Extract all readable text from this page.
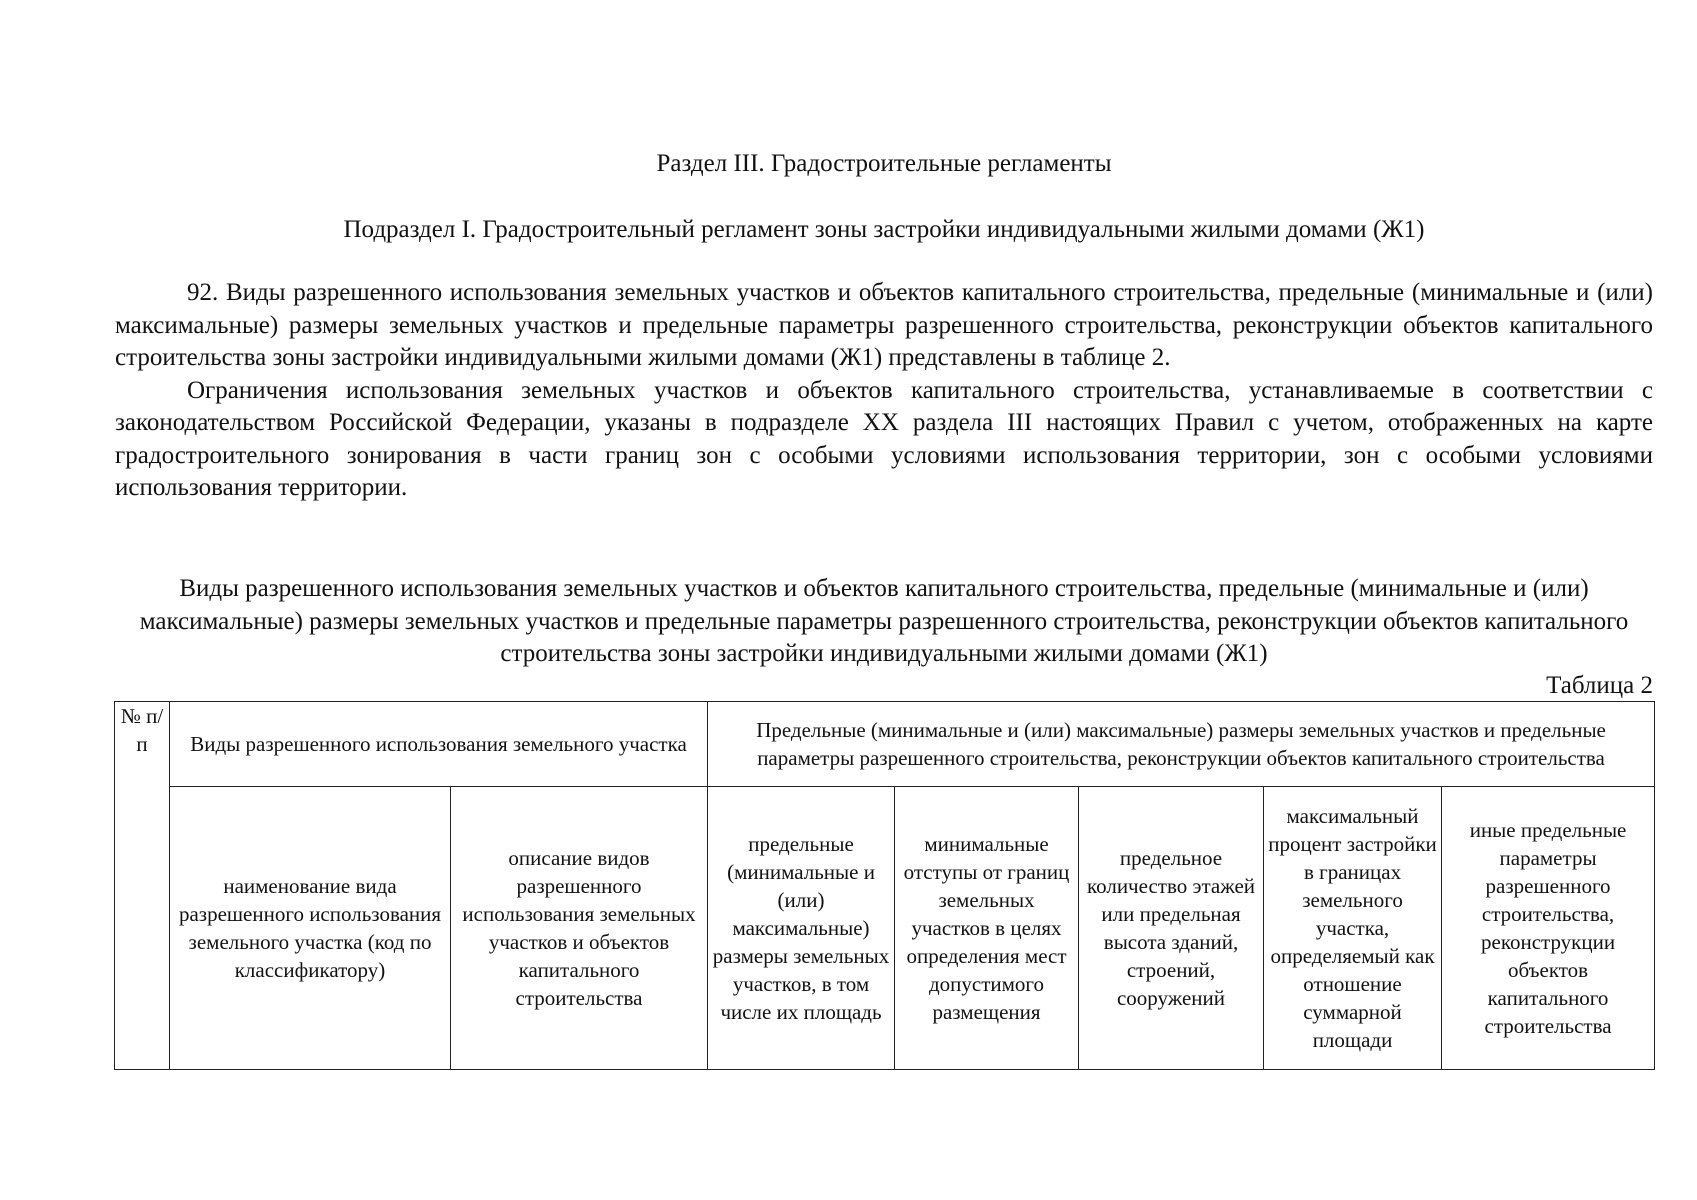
Раздел III. Градостроительные регламенты
Подраздел I. Градостроительный регламент зоны застройки индивидуальными жилыми домами (Ж1)

92. Виды разрешенного использования земельных участков и объектов капитального строительства, предельные (минимальные и (или) максимальные) размеры земельных участков и предельные параметры разрешенного строительства, реконструкции объектов капитального строительства зоны застройки индивидуальными жилыми домами (Ж1) представлены в таблице 2.

Ограничения использования земельных участков и объектов капитального строительства, устанавливаемые в соответствии с законодательством Российской Федерации, указаны в подразделе XX раздела III настоящих Правил с учетом, отображенных на карте градостроительного зонирования в части границ зон с особыми условиями использования территории, зон с особыми условиями использования территории.

Виды разрешенного использования земельных участков и объектов капитального строительства, предельные (минимальные и (или) максимальные) размеры земельных участков и предельные параметры разрешенного строительства, реконструкции объектов капитального строительства зоны застройки индивидуальными жилыми домами (Ж1)
Таблица 2
№ п/п	Виды разрешенного использования земельного участка		Предельные (минимальные и (или) максимальные) размеры земельных участков и предельные параметры разрешенного строительства, реконструкции объектов капитального строительства				
	наименование вида разрешенного использования земельного участка (код по классификатору)	описание видов разрешенного использования земельных участков и объектов капитального строительства	предельные (минимальные и (или) максимальные) размеры земельных участков, в том числе их площадь	минимальные отступы от границ земельных участков в целях определения мест допустимого размещения	предельное количество этажей или предельная высота зданий, строений, сооружений	максимальный процент застройки в границах земельного участка, определяемый как отношение суммарной площади	иные предельные параметры разрешенного строительства, реконструкции объектов капитального строительства
